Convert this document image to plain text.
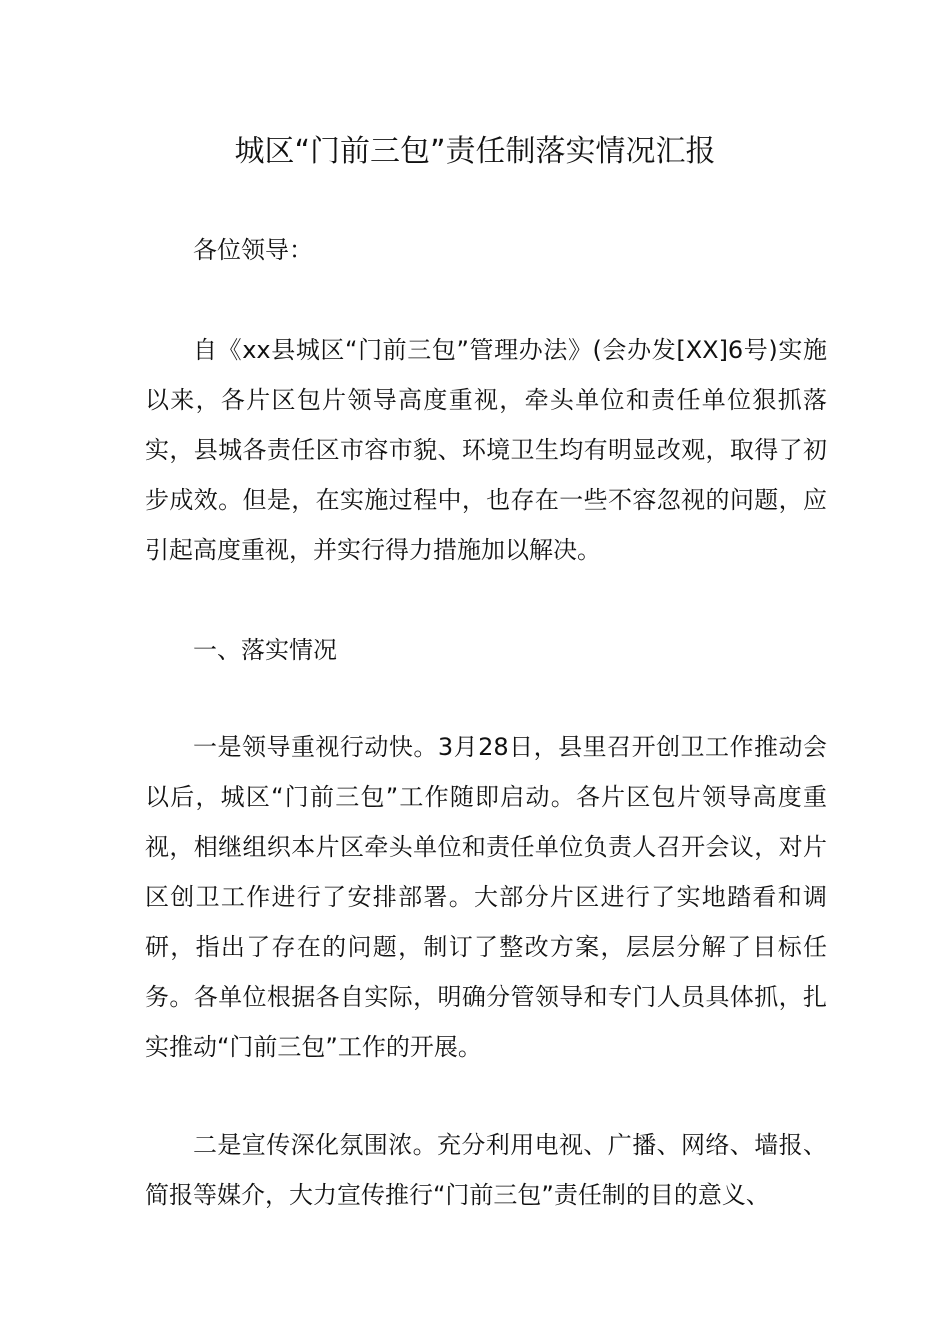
城区“门前三包”责任制落实情况汇报

各位领导：

自《xx县城区“门前三包”管理办法》(会办发[XX]6号)实施以来，各片区包片领导高度重视，牵头单位和责任单位狠抓落实，县城各责任区市容市貌、环境卫生均有明显改观，取得了初步成效。但是，在实施过程中，也存在一些不容忽视的问题，应引起高度重视，并实行得力措施加以解决。

一、落实情况

一是领导重视行动快。3月28日，县里召开创卫工作推动会以后，城区“门前三包”工作随即启动。各片区包片领导高度重视，相继组织本片区牵头单位和责任单位负责人召开会议，对片区创卫工作进行了安排部署。大部分片区进行了实地踏看和调研，指出了存在的问题，制订了整改方案，层层分解了目标任务。各单位根据各自实际，明确分管领导和专门人员具体抓，扎实推动“门前三包”工作的开展。

二是宣传深化氛围浓。充分利用电视、广播、网络、墙报、简报等媒介，大力宣传推行“门前三包”责任制的目的意义、
